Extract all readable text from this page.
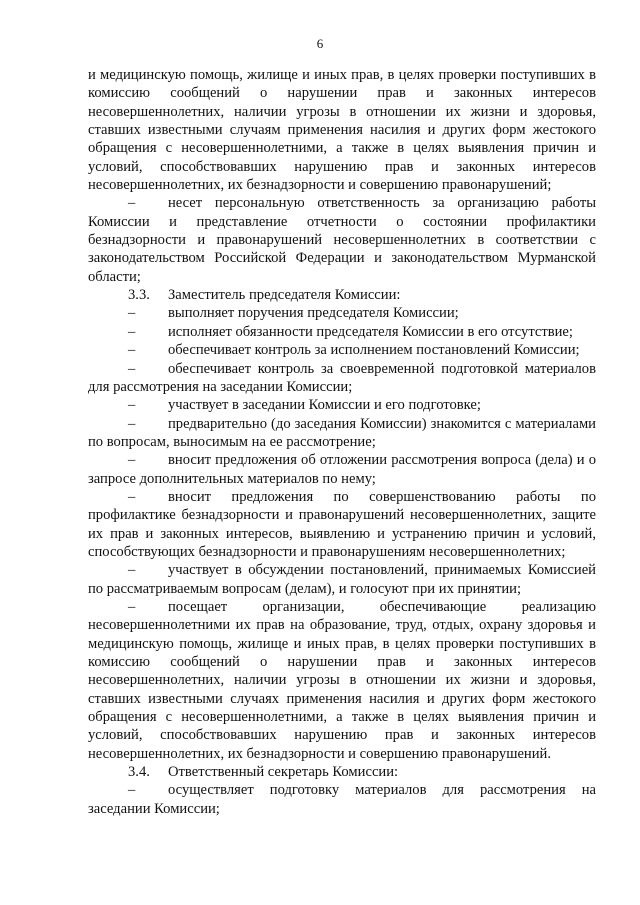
6

и медицинскую помощь, жилище и иных прав, в целях проверки поступивших в комиссию сообщений о нарушении прав и законных интересов несовершеннолетних, наличии угрозы в отношении их жизни и здоровья, ставших известными случаям применения насилия и других форм жестокого обращения с несовершеннолетними, а также в целях выявления причин и условий, способствовавших нарушению прав и законных интересов несовершеннолетних, их безнадзорности и совершению правонарушений;

– несет персональную ответственность за организацию работы Комиссии и представление отчетности о состоянии профилактики безнадзорности и правонарушений несовершеннолетних в соответствии с законодательством Российской Федерации и законодательством Мурманской области;

3.3. Заместитель председателя Комиссии:

– выполняет поручения председателя Комиссии;

– исполняет обязанности председателя Комиссии в его отсутствие;

– обеспечивает контроль за исполнением постановлений Комиссии;

– обеспечивает контроль за своевременной подготовкой материалов для рассмотрения на заседании Комиссии;

– участвует в заседании Комиссии и его подготовке;

– предварительно (до заседания Комиссии) знакомится с материалами по вопросам, выносимым на ее рассмотрение;

– вносит предложения об отложении рассмотрения вопроса (дела) и о запросе дополнительных материалов по нему;

– вносит предложения по совершенствованию работы по профилактике безнадзорности и правонарушений несовершеннолетних, защите их прав и законных интересов, выявлению и устранению причин и условий, способствующих безнадзорности и правонарушениям несовершеннолетних;

– участвует в обсуждении постановлений, принимаемых Комиссией по рассматриваемым вопросам (делам), и голосуют при их принятии;

– посещает организации, обеспечивающие реализацию несовершеннолетними их прав на образование, труд, отдых, охрану здоровья и медицинскую помощь, жилище и иных прав, в целях проверки поступивших в комиссию сообщений о нарушении прав и законных интересов несовершеннолетних, наличии угрозы в отношении их жизни и здоровья, ставших известными случаях применения насилия и других форм жестокого обращения с несовершеннолетними, а также в целях выявления причин и условий, способствовавших нарушению прав и законных интересов несовершеннолетних, их безнадзорности и совершению правонарушений.

3.4. Ответственный секретарь Комиссии:

– осуществляет подготовку материалов для рассмотрения на заседании Комиссии;
